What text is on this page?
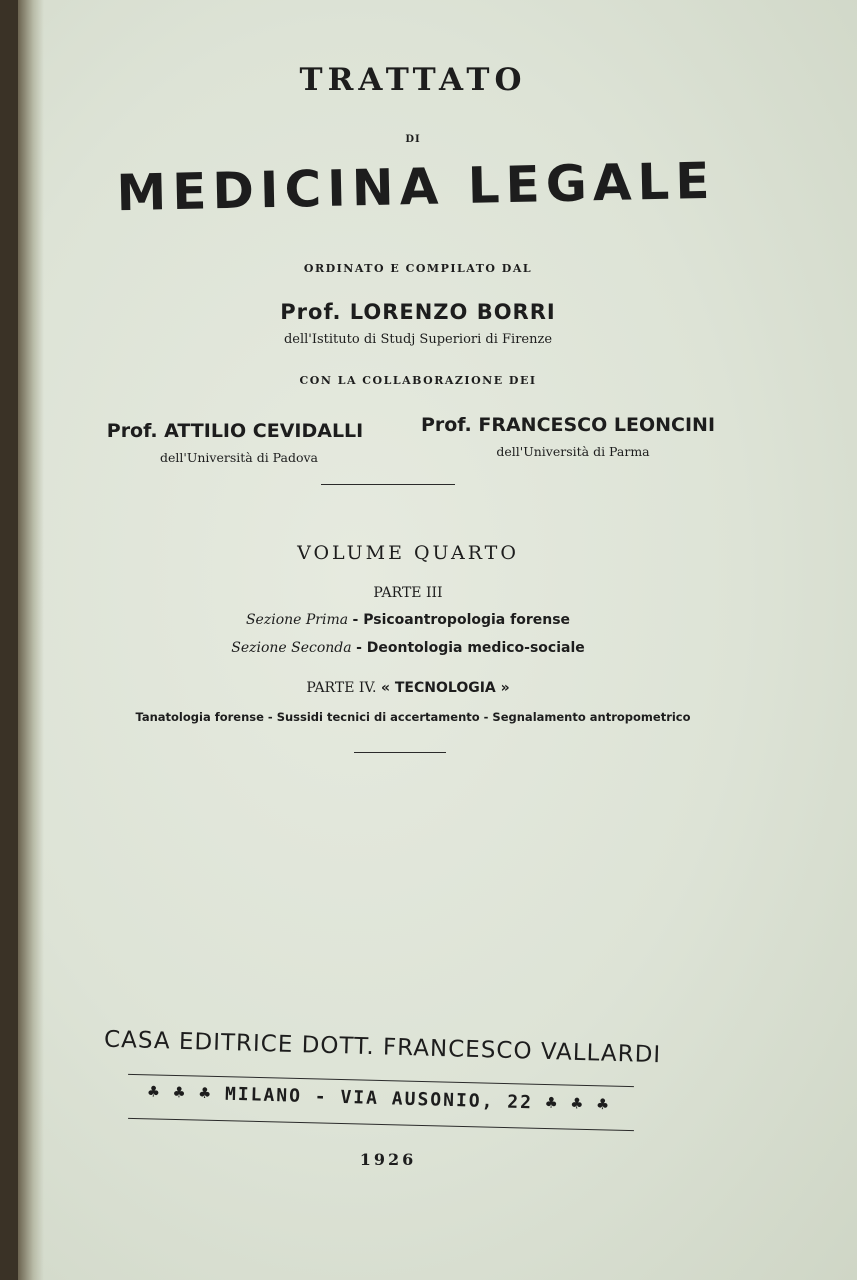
TRATTATO
DI
MEDICINA LEGALE
ORDINATO E COMPILATO DAL
Prof. LORENZO BORRI
dell'Istituto di Studj Superiori di Firenze
CON LA COLLABORAZIONE DEI
Prof. ATTILIO CEVIDALLI	Prof. FRANCESCO LEONCINI
dell'Università di Padova	dell'Università di Parma
VOLUME QUARTO
PARTE III
Sezione Prima - Psicoantropologia forense
Sezione Seconda - Deontologia medico-sociale
PARTE IV. « TECNOLOGIA »
Tanatologia forense - Sussidi tecnici di accertamento - Segnalamento antropometrico
CASA EDITRICE DOTT. FRANCESCO VALLARDI
♣ ♣ ♣ MILANO - VIA AUSONIO, 22 ♣ ♣ ♣
1926
